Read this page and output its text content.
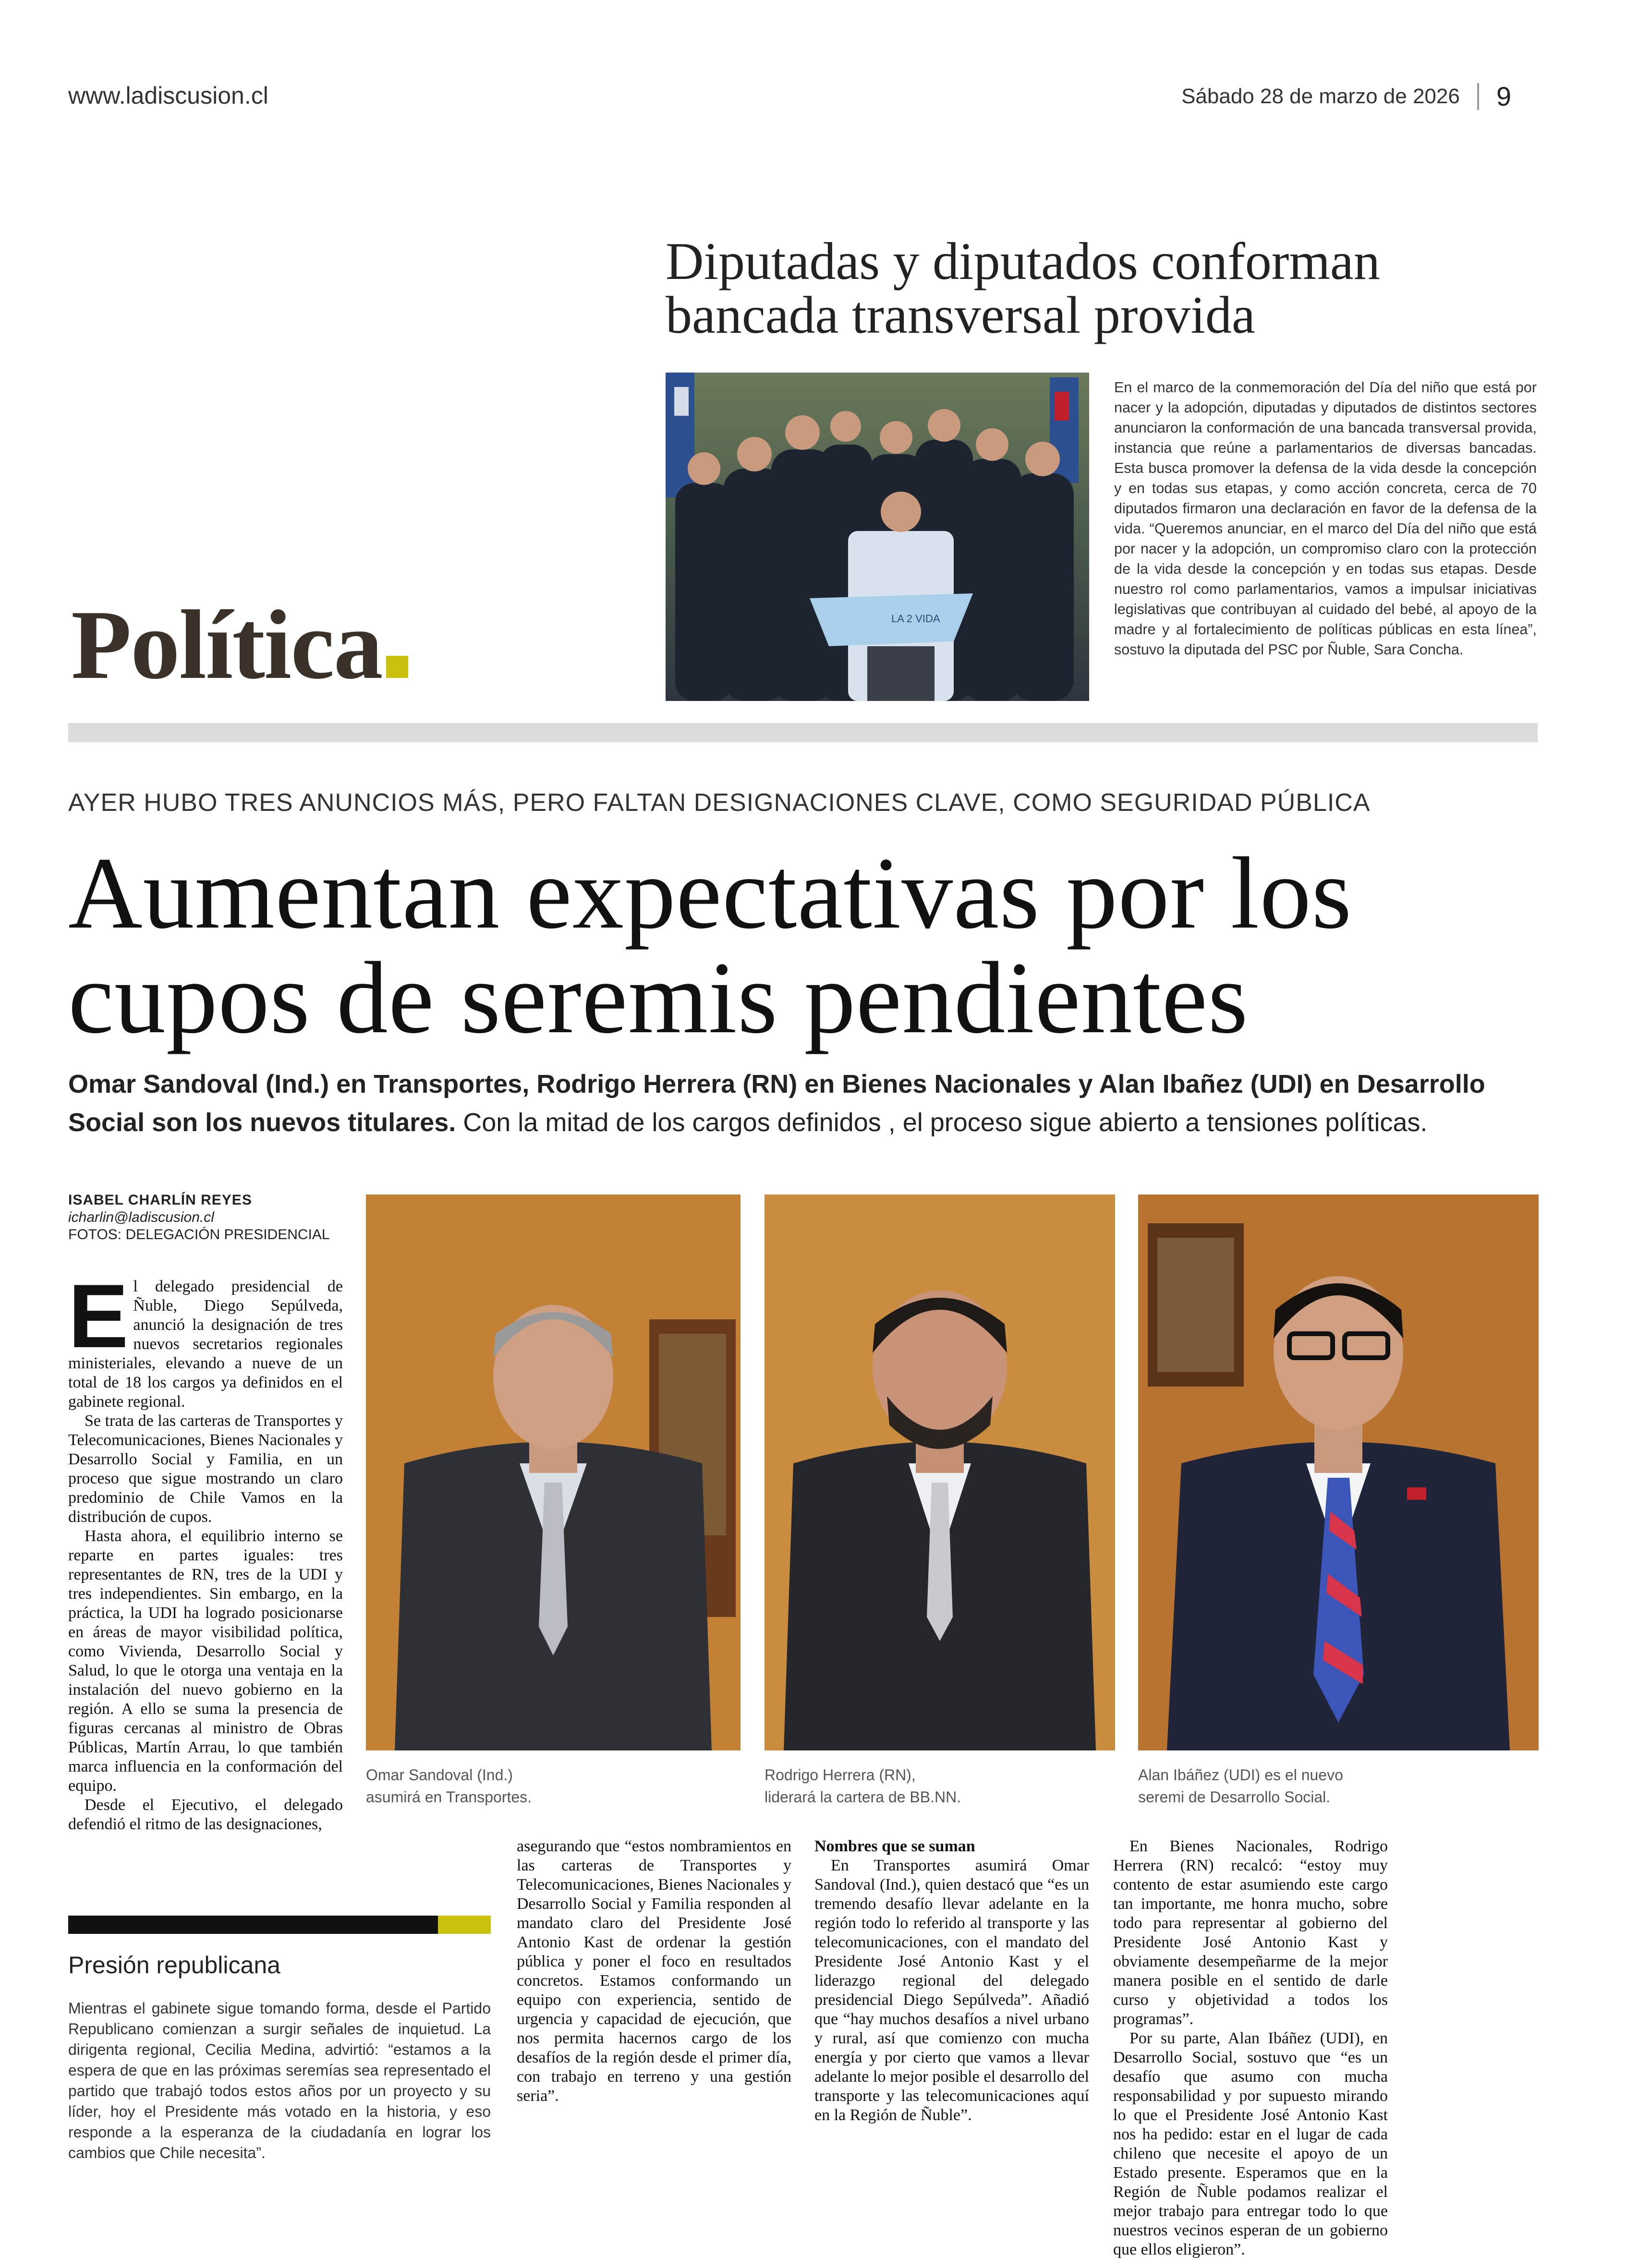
www.ladiscusion.cl	Sábado 28 de marzo de 2026 9
Diputadas y diputados conforman bancada transversal provida
LA 2 VIDA

En el marco de la conmemoración del Día del niño que está por nacer y la adopción, diputadas y diputados de distintos sectores anunciaron la conformación de una bancada transversal provida, instancia que reúne a parlamentarios de diversas bancadas. Esta busca promover la defensa de la vida desde la concepción y en todas sus etapas, y como acción concreta, cerca de 70 diputados firmaron una declaración en favor de la defensa de la vida. “Queremos anunciar, en el marco del Día del niño que está por nacer y la adopción, un compromiso claro con la protección de la vida desde la concepción y en todas sus etapas. Desde nuestro rol como parlamentarios, vamos a impulsar iniciativas legislativas que contribuyan al cuidado del bebé, al apoyo de la madre y al fortalecimiento de políticas públicas en esta línea”, sostuvo la diputada del PSC por Ñuble, Sara Concha.

Política
AYER HUBO TRES ANUNCIOS MÁS, PERO FALTAN DESIGNACIONES CLAVE, COMO SEGURIDAD PÚBLICA
Aumentan expectativas por los cupos de seremis pendientes
Omar Sandoval (Ind.) en Transportes, Rodrigo Herrera (RN) en Bienes Nacionales y Alan Ibañez (UDI) en Desarrollo Social son los nuevos titulares. Con la mitad de los cargos definidos , el proceso sigue abierto a tensiones políticas.
ISABEL CHARLÍN REYES
icharlin@ladiscusion.cl
FOTOS: DELEGACIÓN PRESIDENCIAL
E l delegado presidencial de Ñuble, Diego Sepúlveda, anunció la designación de tres nuevos secretarios regionales ministeriales, elevando a nueve de un total de 18 los cargos ya definidos en el gabinete regional.

Se trata de las carteras de Transportes y Telecomunicaciones, Bienes Nacionales y Desarrollo Social y Familia, en un proceso que sigue mostrando un claro predominio de Chile Vamos en la distribución de cupos.

Hasta ahora, el equilibrio interno se reparte en partes iguales: tres representantes de RN, tres de la UDI y tres independientes. Sin embargo, en la práctica, la UDI ha logrado posicionarse en áreas de mayor visibilidad política, como Vivienda, Desarrollo Social y Salud, lo que le otorga una ventaja en la instalación del nuevo gobierno en la región. A ello se suma la presencia de figuras cercanas al ministro de Obras Públicas, Martín Arrau, lo que también marca influencia en la conformación del equipo.

Desde el Ejecutivo, el delegado defendió el ritmo de las designaciones,

Omar Sandoval (Ind.) asumirá en Transportes.
Rodrigo Herrera (RN), liderará la cartera de BB.NN.
Alan Ibáñez (UDI) es el nuevo seremi de Desarrollo Social.

asegurando que “estos nombramientos en las carteras de Transportes y Telecomunicaciones, Bienes Nacionales y Desarrollo Social y Familia responden al mandato claro del Presidente José Antonio Kast de ordenar la gestión pública y poner el foco en resultados concretos. Estamos conformando un equipo con experiencia, sentido de urgencia y capacidad de ejecución, que nos permita hacernos cargo de los desafíos de la región desde el primer día, con trabajo en terreno y una gestión seria”.

Nombres que se suman

En Transportes asumirá Omar Sandoval (Ind.), quien destacó que “es un tremendo desafío llevar adelante en la región todo lo referido al transporte y las telecomunicaciones, con el mandato del Presidente José Antonio Kast y el liderazgo regional del delegado presidencial Diego Sepúlveda”. Añadió que “hay muchos desafíos a nivel urbano y rural, así que comienzo con mucha energía y por cierto que vamos a llevar adelante lo mejor posible el desarrollo del transporte y las telecomunicaciones aquí en la Región de Ñuble”.

En Bienes Nacionales, Rodrigo Herrera (RN) recalcó: “estoy muy contento de estar asumiendo este cargo tan importante, me honra mucho, sobre todo para representar al gobierno del Presidente José Antonio Kast y obviamente desempeñarme de la mejor manera posible en el sentido de darle curso y objetividad a todos los programas”.

Por su parte, Alan Ibáñez (UDI), en Desarrollo Social, sostuvo que “es un desafío que asumo con mucha responsabilidad y por supuesto mirando lo que el Presidente José Antonio Kast nos ha pedido: estar en el lugar de cada chileno que necesite el apoyo de un Estado presente. Esperamos que en la Región de Ñuble podamos realizar el mejor trabajo para entregar todo lo que nuestros vecinos esperan de un gobierno que ellos eligieron”.

Presión republicana
Mientras el gabinete sigue tomando forma, desde el Partido Republicano comienzan a surgir señales de inquietud. La dirigenta regional, Cecilia Medina, advirtió: “estamos a la espera de que en las próximas seremías sea representado el partido que trabajó todos estos años por un proyecto y su líder, hoy el Presidente más votado en la historia, y eso responde a la esperanza de la ciudadanía en lograr los cambios que Chile necesita”.
